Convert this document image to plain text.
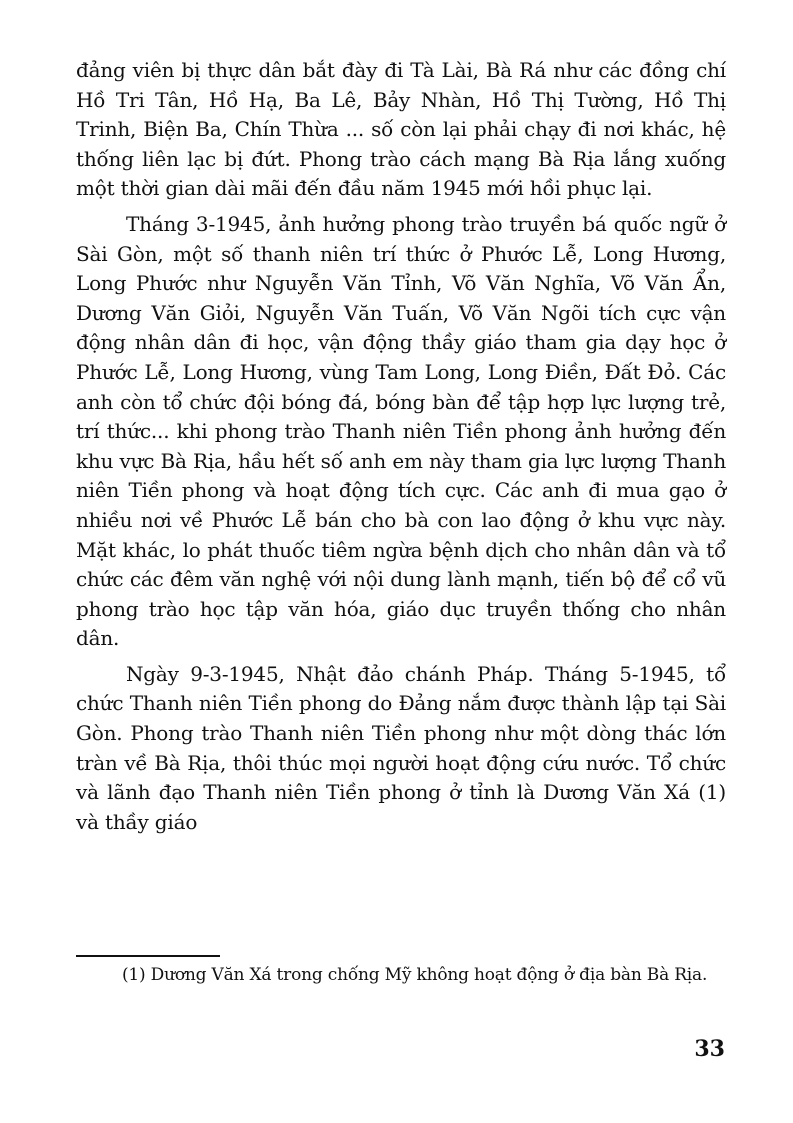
đảng viên bị thực dân bắt đày đi Tà Lài, Bà Rá như các đồng chí Hồ Tri Tân, Hồ Hạ, Ba Lê, Bảy Nhàn, Hồ Thị Tường, Hồ Thị Trinh, Biện Ba, Chín Thừa ... số còn lại phải chạy đi nơi khác, hệ thống liên lạc bị đứt. Phong trào cách mạng Bà Rịa lắng xuống một thời gian dài mãi đến đầu năm 1945 mới hồi phục lại.

Tháng 3-1945, ảnh hưởng phong trào truyền bá quốc ngữ ở Sài Gòn, một số thanh niên trí thức ở Phước Lễ, Long Hương, Long Phước như Nguyễn Văn Tỉnh, Võ Văn Nghĩa, Võ Văn Ẩn, Dương Văn Giỏi, Nguyễn Văn Tuấn, Võ Văn Ngõi tích cực vận động nhân dân đi học, vận động thầy giáo tham gia dạy học ở Phước Lễ, Long Hương, vùng Tam Long, Long Điền, Đất Đỏ. Các anh còn tổ chức đội bóng đá, bóng bàn để tập hợp lực lượng trẻ, trí thức... khi phong trào Thanh niên Tiền phong ảnh hưởng đến khu vực Bà Rịa, hầu hết số anh em này tham gia lực lượng Thanh niên Tiền phong và hoạt động tích cực. Các anh đi mua gạo ở nhiều nơi về Phước Lễ bán cho bà con lao động ở khu vực này. Mặt khác, lo phát thuốc tiêm ngừa bệnh dịch cho nhân dân và tổ chức các đêm văn nghệ với nội dung lành mạnh, tiến bộ để cổ vũ phong trào học tập văn hóa, giáo dục truyền thống cho nhân dân.

Ngày 9-3-1945, Nhật đảo chánh Pháp. Tháng 5-1945, tổ chức Thanh niên Tiền phong do Đảng nắm được thành lập tại Sài Gòn. Phong trào Thanh niên Tiền phong như một dòng thác lớn tràn về Bà Rịa, thôi thúc mọi người hoạt động cứu nước. Tổ chức và lãnh đạo Thanh niên Tiền phong ở tỉnh là Dương Văn Xá (1) và thầy giáo

(1) Dương Văn Xá trong chống Mỹ không hoạt động ở địa bàn Bà Rịa.

33
